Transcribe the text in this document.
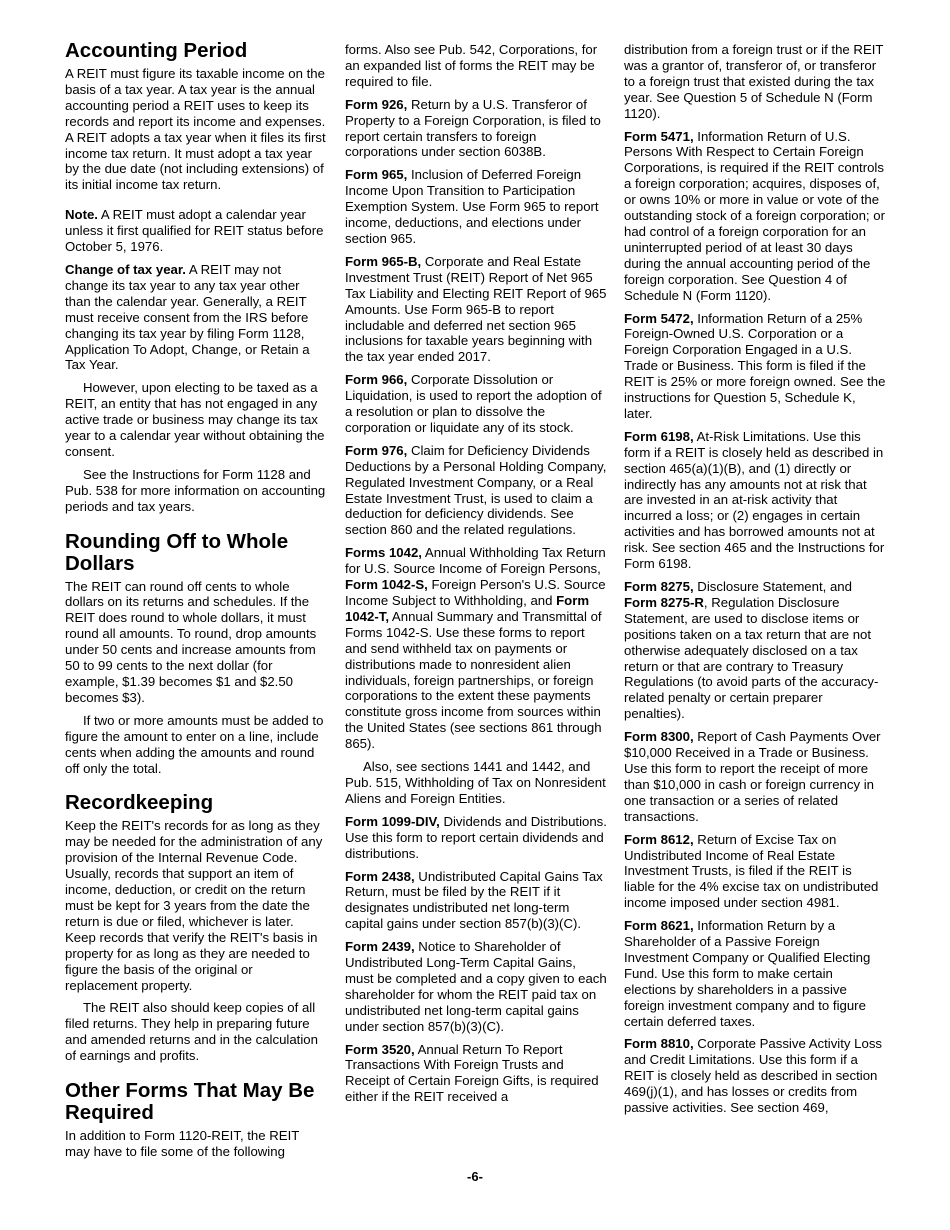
Accounting Period

A REIT must figure its taxable income on the basis of a tax year. A tax year is the annual accounting period a REIT uses to keep its records and report its income and expenses. A REIT adopts a tax year when it files its first income tax return. It must adopt a tax year by the due date (not including extensions) of its initial income tax return.

Note. A REIT must adopt a calendar year unless it first qualified for REIT status before October 5, 1976.

Change of tax year. A REIT may not change its tax year to any tax year other than the calendar year. Generally, a REIT must receive consent from the IRS before changing its tax year by filing Form 1128, Application To Adopt, Change, or Retain a Tax Year.

However, upon electing to be taxed as a REIT, an entity that has not engaged in any active trade or business may change its tax year to a calendar year without obtaining the consent.

See the Instructions for Form 1128 and Pub. 538 for more information on accounting periods and tax years.

Rounding Off to Whole Dollars

The REIT can round off cents to whole dollars on its returns and schedules. If the REIT does round to whole dollars, it must round all amounts. To round, drop amounts under 50 cents and increase amounts from 50 to 99 cents to the next dollar (for example, $1.39 becomes $1 and $2.50 becomes $3).

If two or more amounts must be added to figure the amount to enter on a line, include cents when adding the amounts and round off only the total.

Recordkeeping

Keep the REIT's records for as long as they may be needed for the administration of any provision of the Internal Revenue Code. Usually, records that support an item of income, deduction, or credit on the return must be kept for 3 years from the date the return is due or filed, whichever is later. Keep records that verify the REIT's basis in property for as long as they are needed to figure the basis of the original or replacement property.

The REIT also should keep copies of all filed returns. They help in preparing future and amended returns and in the calculation of earnings and profits.

Other Forms That May Be Required

In addition to Form 1120-REIT, the REIT may have to file some of the following

forms. Also see Pub. 542, Corporations, for an expanded list of forms the REIT may be required to file.

Form 926, Return by a U.S. Transferor of Property to a Foreign Corporation, is filed to report certain transfers to foreign corporations under section 6038B.

Form 965, Inclusion of Deferred Foreign Income Upon Transition to Participation Exemption System. Use Form 965 to report income, deductions, and elections under section 965.

Form 965-B, Corporate and Real Estate Investment Trust (REIT) Report of Net 965 Tax Liability and Electing REIT Report of 965 Amounts. Use Form 965-B to report includable and deferred net section 965 inclusions for taxable years beginning with the tax year ended 2017.

Form 966, Corporate Dissolution or Liquidation, is used to report the adoption of a resolution or plan to dissolve the corporation or liquidate any of its stock.

Form 976, Claim for Deficiency Dividends Deductions by a Personal Holding Company, Regulated Investment Company, or a Real Estate Investment Trust, is used to claim a deduction for deficiency dividends. See section 860 and the related regulations.

Forms 1042, Annual Withholding Tax Return for U.S. Source Income of Foreign Persons, Form 1042-S, Foreign Person's U.S. Source Income Subject to Withholding, and Form 1042-T, Annual Summary and Transmittal of Forms 1042-S. Use these forms to report and send withheld tax on payments or distributions made to nonresident alien individuals, foreign partnerships, or foreign corporations to the extent these payments constitute gross income from sources within the United States (see sections 861 through 865).

Also, see sections 1441 and 1442, and Pub. 515, Withholding of Tax on Nonresident Aliens and Foreign Entities.

Form 1099-DIV, Dividends and Distributions. Use this form to report certain dividends and distributions.

Form 2438, Undistributed Capital Gains Tax Return, must be filed by the REIT if it designates undistributed net long-term capital gains under section 857(b)(3)(C).

Form 2439, Notice to Shareholder of Undistributed Long-Term Capital Gains, must be completed and a copy given to each shareholder for whom the REIT paid tax on undistributed net long-term capital gains under section 857(b)(3)(C).

Form 3520, Annual Return To Report Transactions With Foreign Trusts and Receipt of Certain Foreign Gifts, is required either if the REIT received a

distribution from a foreign trust or if the REIT was a grantor of, transferor of, or transferor to a foreign trust that existed during the tax year. See Question 5 of Schedule N (Form 1120).

Form 5471, Information Return of U.S. Persons With Respect to Certain Foreign Corporations, is required if the REIT controls a foreign corporation; acquires, disposes of, or owns 10% or more in value or vote of the outstanding stock of a foreign corporation; or had control of a foreign corporation for an uninterrupted period of at least 30 days during the annual accounting period of the foreign corporation. See Question 4 of Schedule N (Form 1120).

Form 5472, Information Return of a 25% Foreign-Owned U.S. Corporation or a Foreign Corporation Engaged in a U.S. Trade or Business. This form is filed if the REIT is 25% or more foreign owned. See the instructions for Question 5, Schedule K, later.

Form 6198, At-Risk Limitations. Use this form if a REIT is closely held as described in section 465(a)(1)(B), and (1) directly or indirectly has any amounts not at risk that are invested in an at-risk activity that incurred a loss; or (2) engages in certain activities and has borrowed amounts not at risk. See section 465 and the Instructions for Form 6198.

Form 8275, Disclosure Statement, and Form 8275-R, Regulation Disclosure Statement, are used to disclose items or positions taken on a tax return that are not otherwise adequately disclosed on a tax return or that are contrary to Treasury Regulations (to avoid parts of the accuracy-related penalty or certain preparer penalties).

Form 8300, Report of Cash Payments Over $10,000 Received in a Trade or Business. Use this form to report the receipt of more than $10,000 in cash or foreign currency in one transaction or a series of related transactions.

Form 8612, Return of Excise Tax on Undistributed Income of Real Estate Investment Trusts, is filed if the REIT is liable for the 4% excise tax on undistributed income imposed under section 4981.

Form 8621, Information Return by a Shareholder of a Passive Foreign Investment Company or Qualified Electing Fund. Use this form to make certain elections by shareholders in a passive foreign investment company and to figure certain deferred taxes.

Form 8810, Corporate Passive Activity Loss and Credit Limitations. Use this form if a REIT is closely held as described in section 469(j)(1), and has losses or credits from passive activities. See section 469,

-6-
